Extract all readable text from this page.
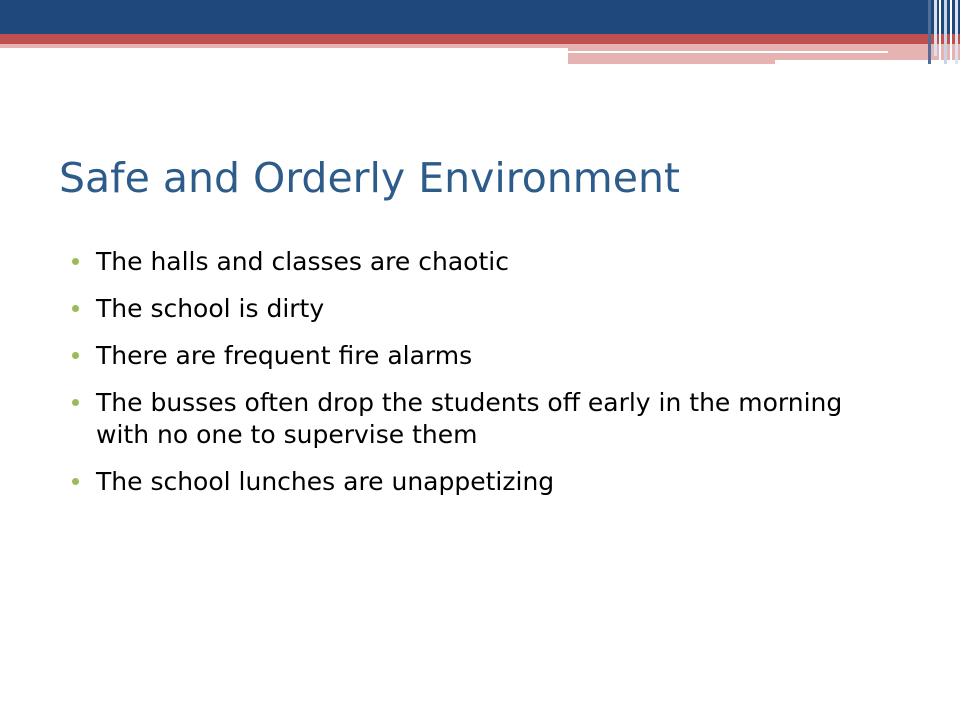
Safe and Orderly Environment
The halls and classes are chaotic
The school is dirty
There are frequent fire alarms
The busses often drop the students off early in the morning with no one to supervise them
The school lunches are unappetizing
